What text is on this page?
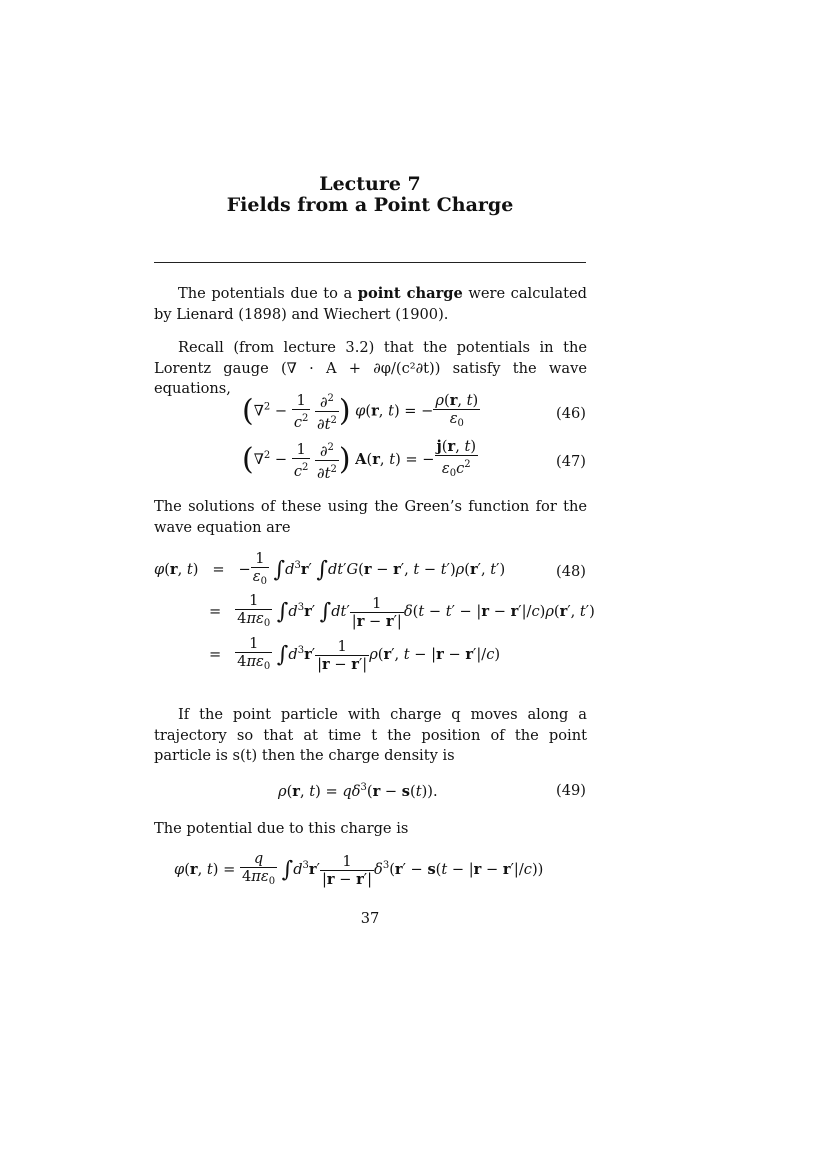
Lecture 7
Fields from a Point Charge
The potentials due to a point charge were calculated by Lienard (1898) and Wiechert (1900).
Recall (from lecture 3.2) that the potentials in the Lorentz gauge (∇ · A + ∂φ/(c²∂t)) satisfy the wave equations,
($\nabla^2 - \frac{1}{c^2}$
$\frac{\partial^2}{\partial t^2}$ ) φ(r, t) = − $\frac{\rho(r, t)}{\varepsilon_0}$	(46)
($\nabla^2 - \frac{1}{c^2}$
$\frac{\partial^2}{\partial t^2}$ ) A(r, t) = − $\frac{j(r, t)}{\varepsilon_0c^2}$	(47)
The solutions of these using the Green’s function for the wave equation are
φ(r, t)   =   − $\frac{1}{\varepsilon_0} \int d^3r'$ ∫dt′G(r − r′, t − t′)ρ(r′, t′)	(48)
= $\frac{1}{4\pi\varepsilon_0} \int d^3r'$ $\int dt' \frac{1}{|r - r'|} \delta(t - t' - |r - r'|/c)\rho(r'$, t′)
= $\frac{1}{4\pi\varepsilon_0} \int d^3r' \frac{1}{|r - r'|} \rho(r'$, t − |r − r′|/c)
If the point particle with charge q moves along a trajectory so that at time t the position of the point particle is s(t) then the charge density is
ρ(r, $t) = q\delta^3(r - s(t))$.	(49)
The potential due to this charge is
φ(r, $t) = \frac{q}{4\pi\varepsilon_0} \int d^3r' \frac{1}{|r - r'|} \delta^3(r' - s(t - |r - r'|/c))$
37
